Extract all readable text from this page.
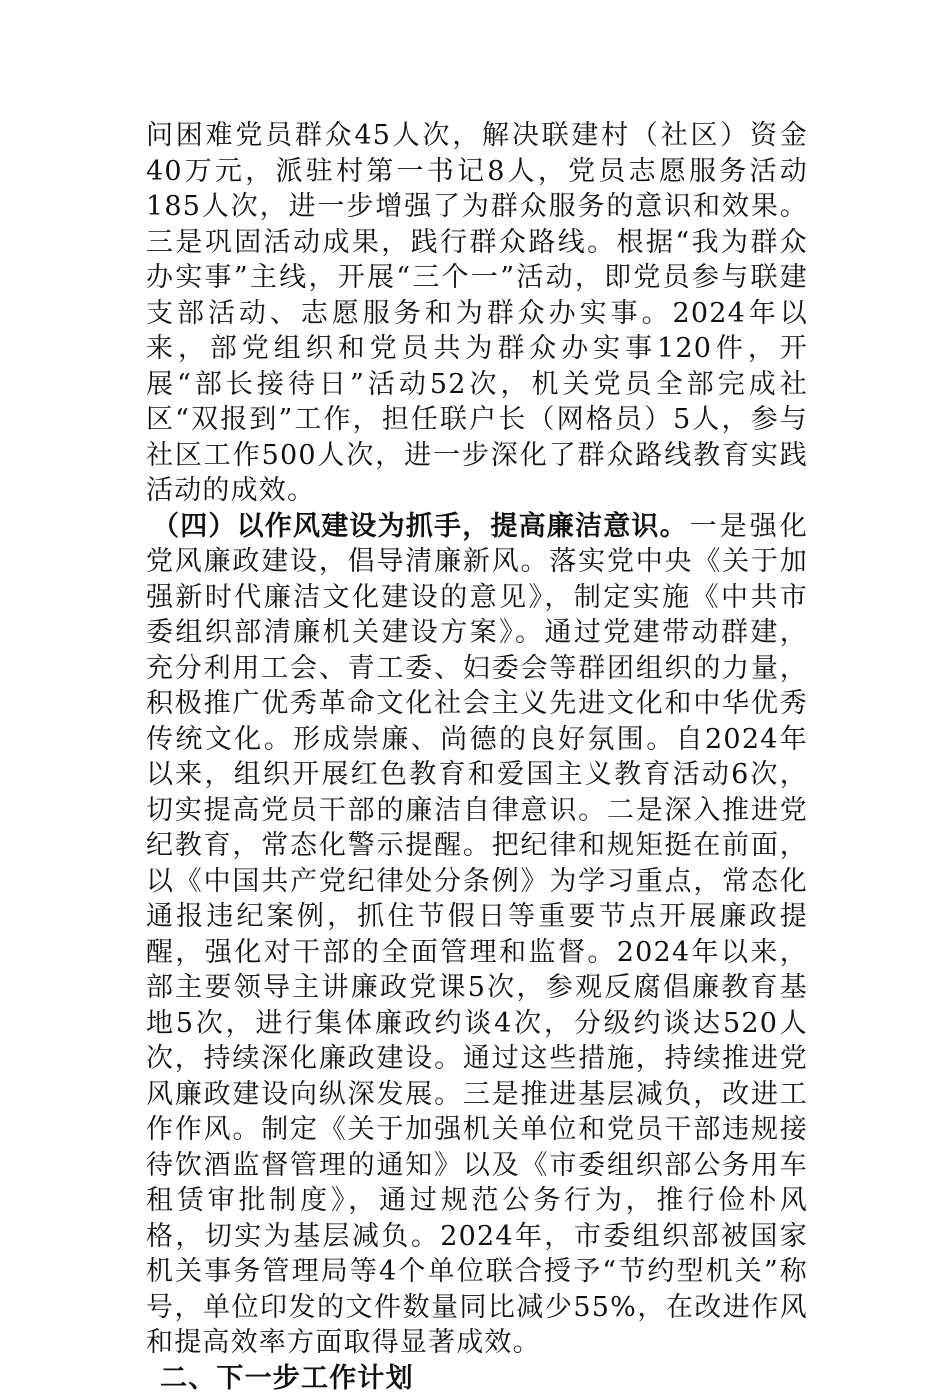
问困难党员群众45人次，解决联建村（社区）资金40万元，派驻村第一书记8人，党员志愿服务活动185人次，进一步增强了为群众服务的意识和效果。三是巩固活动成果，践行群众路线。根据“我为群众办实事”主线，开展“三个一”活动，即党员参与联建支部活动、志愿服务和为群众办实事。2024年以来，部党组织和党员共为群众办实事120件，开展“部长接待日”活动52次，机关党员全部完成社区“双报到”工作，担任联户长（网格员）5人，参与社区工作500人次，进一步深化了群众路线教育实践活动的成效。

（四）以作风建设为抓手，提高廉洁意识。一是强化党风廉政建设，倡导清廉新风。落实党中央《关于加强新时代廉洁文化建设的意见》，制定实施《中共市委组织部清廉机关建设方案》。通过党建带动群建，充分利用工会、青工委、妇委会等群团组织的力量，积极推广优秀革命文化社会主义先进文化和中华优秀传统文化。形成崇廉、尚德的良好氛围。自2024年以来，组织开展红色教育和爱国主义教育活动6次，切实提高党员干部的廉洁自律意识。二是深入推进党纪教育，常态化警示提醒。把纪律和规矩挺在前面，以《中国共产党纪律处分条例》为学习重点，常态化通报违纪案例，抓住节假日等重要节点开展廉政提醒，强化对干部的全面管理和监督。2024年以来，部主要领导主讲廉政党课5次，参观反腐倡廉教育基地5次，进行集体廉政约谈4次，分级约谈达520人次，持续深化廉政建设。通过这些措施，持续推进党风廉政建设向纵深发展。三是推进基层减负，改进工作作风。制定《关于加强机关单位和党员干部违规接待饮酒监督管理的通知》以及《市委组织部公务用车租赁审批制度》，通过规范公务行为，推行俭朴风格，切实为基层减负。2024年，市委组织部被国家机关事务管理局等4个单位联合授予“节约型机关”称号，单位印发的文件数量同比减少55%，在改进作风和提高效率方面取得显著成效。

二、下一步工作计划
